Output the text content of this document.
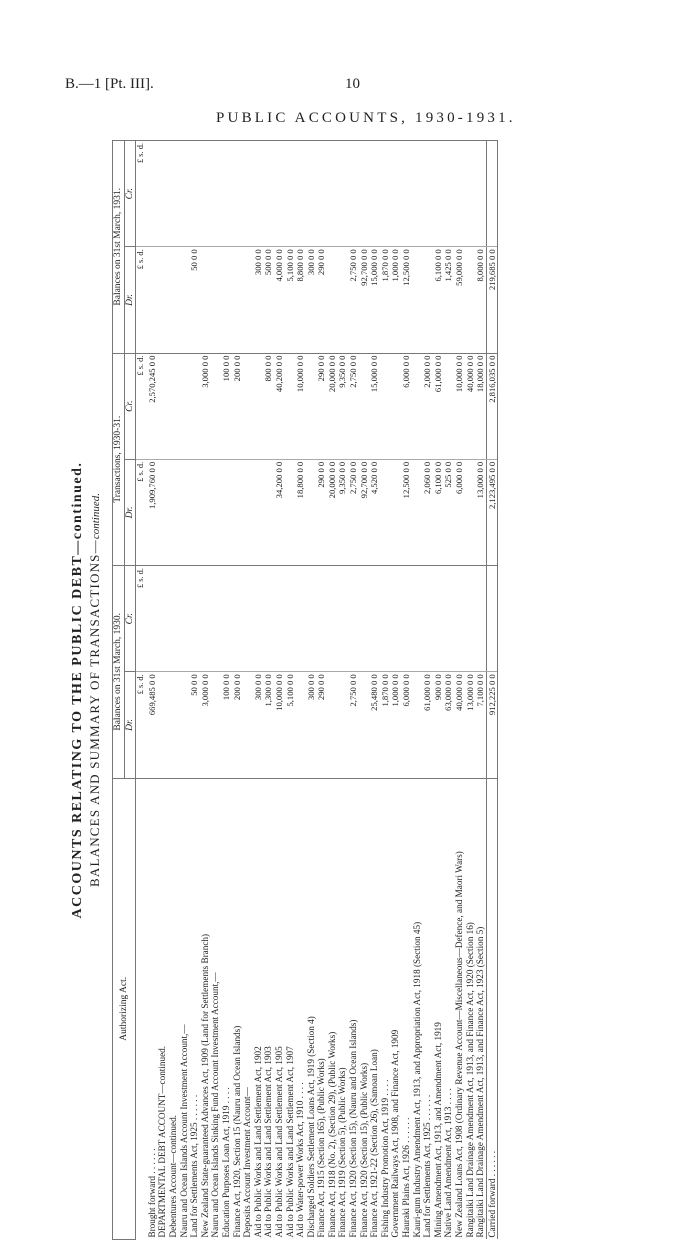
B.—1 [Pt. III].	10
PUBLIC ACCOUNTS, 1930-1931.
ACCOUNTS RELATING TO THE PUBLIC DEBT—continued. BALANCES AND SUMMARY OF TRANSACTIONS—continued.
Authorizing Act.	Balances on 31st March, 1930.		Transactions, 1930-31.		Balances on 31st March, 1931.	
	Dr.	Cr.	Dr.	Cr.	Dr.	Cr.
	£ s. d.	£ s. d.	£ s. d.	£ s. d.	£ s. d.	£ s. d.
Brought forward . . . . . .	669,485 0 0		1,909,760 0 0	2,570,245 0 0		
DEPARTMENTAL DEBT ACCOUNT—continued.						
Debentures Account—continued.						
Nauru and Ocean Islands Account Investment Account,—						
Land for Settlements Act, 1925 . . . . . .	50 0 0				50 0 0	
New Zealand State-guaranteed Advances Act, 1909 (Land for Settlements Branch)	3,000 0 0			3,000 0 0		
Nauru and Ocean Islands Sinking Fund Account Investment Account,—						
Education Purposes Loan Act, 1919 . . . .	100 0 0			100 0 0		
Finance Act, 1920, Section 15 (Nauru and Ocean Islands)	200 0 0			200 0 0		
Deposits Account Investment Account—						
Aid to Public Works and Land Settlement Act, 1902	300 0 0				300 0 0	
Aid to Public Works and Land Settlement Act, 1903	1,300 0 0			800 0 0	500 0 0	
Aid to Public Works and Land Settlement Act, 1905	10,000 0 0		34,200 0 0	40,200 0 0	4,000 0 0	
Aid to Public Works and Land Settlement Act, 1907	5,100 0 0				5,100 0 0	
Aid to Water-power Works Act, 1910 . . . .			18,800 0 0	10,000 0 0	8,800 0 0	
Discharged Soldiers Settlement Loans Act, 1919 (Section 4)	300 0 0				300 0 0	
Finance Act, 1915 (Section 165), (Public Works)	290 0 0		290 0 0	290 0 0	290 0 0	
Finance Act, 1918 (No. 2), (Section 29), (Public Works)			20,000 0 0	20,000 0 0		
Finance Act, 1919 (Section 5), (Public Works)			9,350 0 0	9,350 0 0		
Finance Act, 1920 (Section 15), (Nauru and Ocean Islands)	2,750 0 0		2,750 0 0	2,750 0 0	2,750 0 0	
Finance Act, 1920 (Section 15), (Public Works)			92,700 0 0		92,700 0 0	
Finance Act, 1921-22 (Section 26), (Samoan Loan)	25,480 0 0		4,520 0 0	15,000 0 0	15,000 0 0	
Fishing Industry Promotion Act, 1919 . . . .	1,870 0 0				1,870 0 0	
Government Railways Act, 1908, and Finance Act, 1909	1,000 0 0				1,000 0 0	
Hauraki Plains Act, 1926 . . . . . .	6,000 0 0		12,500 0 0	6,000 0 0	12,500 0 0	
Kauri-gum Industry Amendment Act, 1913, and Appropriation Act, 1918 (Section 45)						
Land for Settlements Act, 1925 . . . . . .	61,000 0 0		2,060 0 0	2,000 0 0		
Mining Amendment Act, 1913, and Amendment Act, 1919	900 0 0		6,100 0 0	61,000 0 0	6,100 0 0	
Native Land Amendment Act, 1913 . . . .	63,000 0 0		525 0 0		1,425 0 0	
New Zealand Loans Act, 1908 (Ordinary Revenue Account—Miscellaneous—Defence, and Maori Wars)	40,000 0 0		6,000 0 0	10,000 0 0	59,000 0 0	
Rangitaiki Land Drainage Amendment Act, 1913, and Finance Act, 1920 (Section 16)	13,000 0 0			40,000 0 0		
Rangitaiki Land Drainage Amendment Act, 1913, and Finance Act, 1923 (Section 5)	7,100 0 0		13,000 0 0	18,000 0 0	8,000 0 0	
Carried forward . . . . . .	912,225 0 0		2,123,495 0 0	2,816,035 0 0	219,685 0 0	
